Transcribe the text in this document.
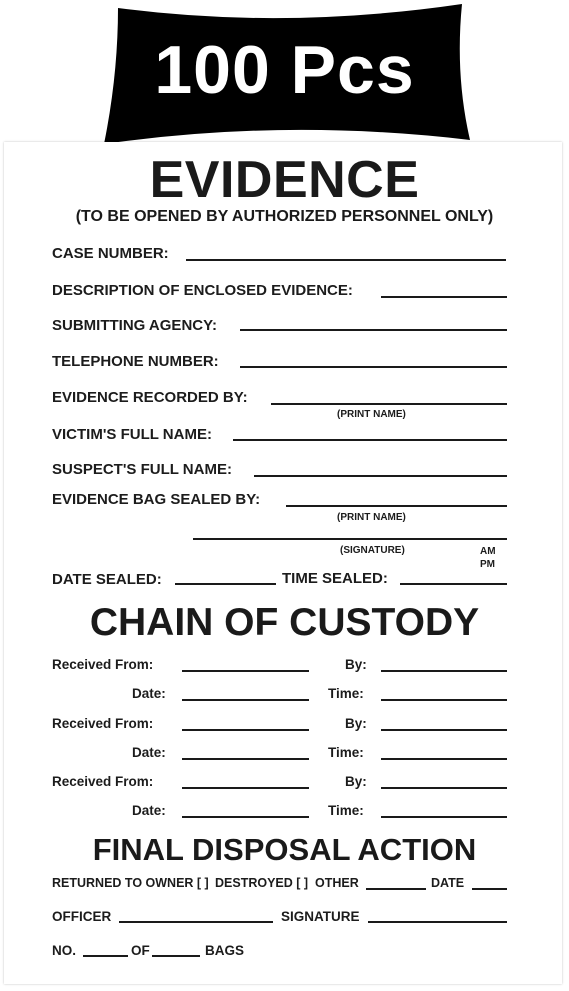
100 Pcs
EVIDENCE
(TO BE OPENED BY AUTHORIZED PERSONNEL ONLY)
CASE NUMBER:
DESCRIPTION OF ENCLOSED EVIDENCE:
SUBMITTING AGENCY:
TELEPHONE NUMBER:
EVIDENCE RECORDED BY:
(PRINT NAME)
VICTIM'S FULL NAME:
SUSPECT'S FULL NAME:
EVIDENCE BAG SEALED BY:
(PRINT NAME)
(SIGNATURE)	AM
PM
DATE SEALED:	TIME SEALED:
CHAIN OF CUSTODY
Received From:	By:
Date:	Time:
Received From:	By:
Date:	Time:
Received From:	By:
Date:	Time:
FINAL DISPOSAL ACTION
RETURNED TO OWNER [ ] DESTROYED [ ] OTHER	DATE
OFFICER	SIGNATURE
NO.	OF	BAGS
